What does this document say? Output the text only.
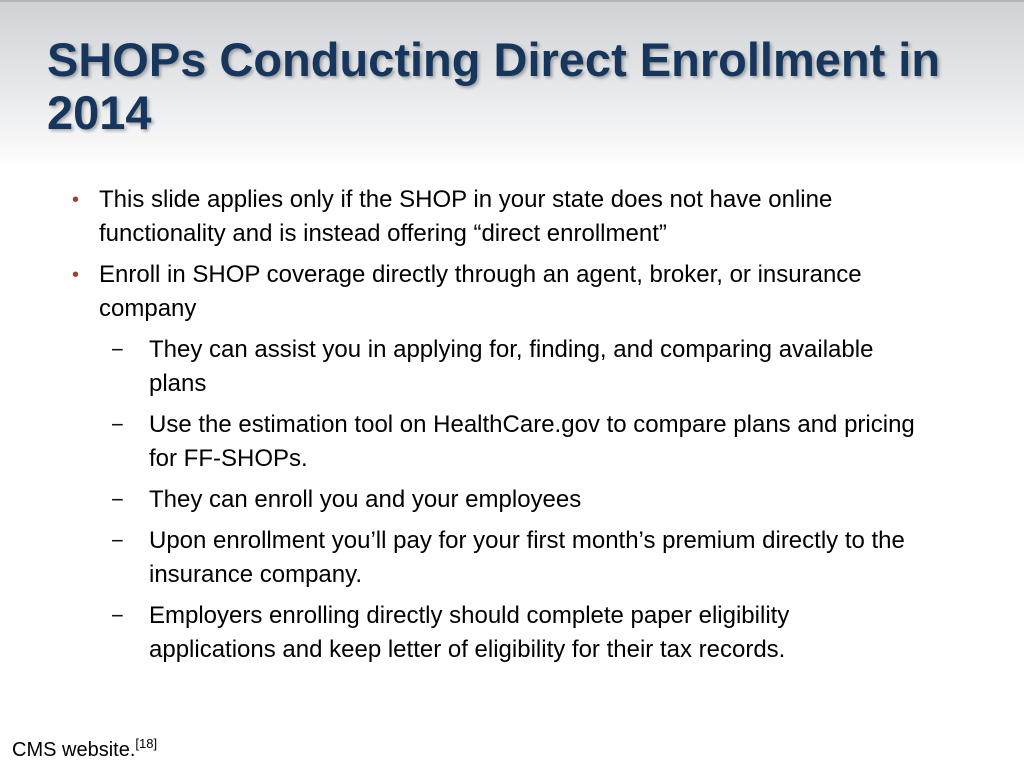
SHOPs Conducting Direct Enrollment in 2014
• This slide applies only if the SHOP in your state does not have online functionality and is instead offering “direct enrollment”
• Enroll in SHOP coverage directly through an agent, broker, or insurance company
− They can assist you in applying for, finding, and comparing available plans
− Use the estimation tool on HealthCare.gov to compare plans and pricing for FF-SHOPs.
− They can enroll you and your employees
− Upon enrollment you’ll pay for your first month’s premium directly to the insurance company.
− Employers enrolling directly should complete paper eligibility applications and keep letter of eligibility for their tax records.
CMS website.[18]
